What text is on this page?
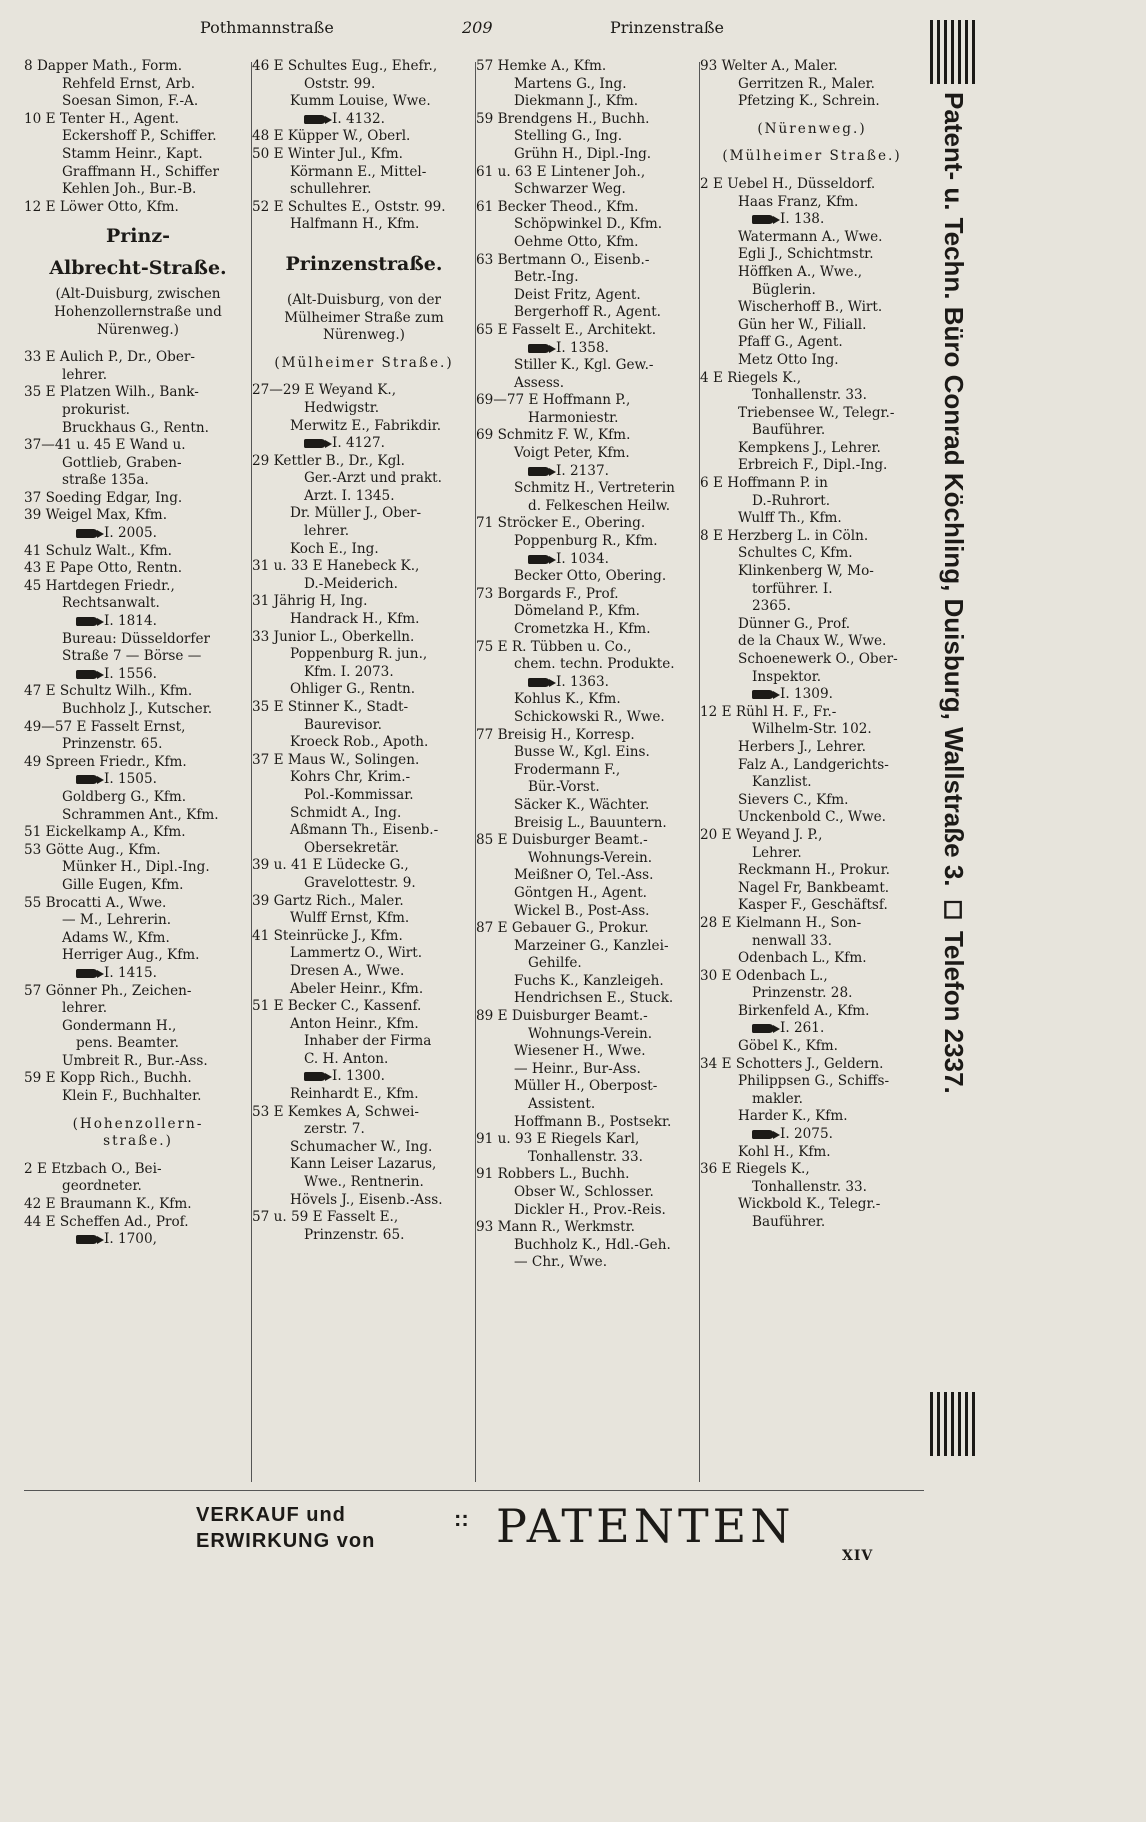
Pothmannstraße	209	Prinzenstraße
8 Dapper Math., Form.
Rehfeld Ernst, Arb.
Soesan Simon, F.-A.
10 E Tenter H., Agent.
Eckershoff P., Schiffer.
Stamm Heinr., Kapt.
Graffmann H., Schiffer
Kehlen Joh., Bur.-B.
12 E Löwer Otto, Kfm.
Prinz-
Albrecht-Straße.
(Alt-Duisburg, zwischen
Hohenzollernstraße und
Nürenweg.)
33 E Aulich P., Dr., Ober-
lehrer.
35 E Platzen Wilh., Bank-
prokurist.
Bruckhaus G., Rentn.
37—41 u. 45 E Wand u.
Gottlieb, Graben-
straße 135a.
37 Soeding Edgar, Ing.
39 Weigel Max, Kfm.
I. 2005.
41 Schulz Walt., Kfm.
43 E Pape Otto, Rentn.
45 Hartdegen Friedr.,
Rechtsanwalt.
I. 1814.
Bureau: Düsseldorfer
Straße 7 — Börse —
I. 1556.
47 E Schultz Wilh., Kfm.
Buchholz J., Kutscher.
49—57 E Fasselt Ernst,
Prinzenstr. 65.
49 Spreen Friedr., Kfm.
I. 1505.
Goldberg G., Kfm.
Schrammen Ant., Kfm.
51 Eickelkamp A., Kfm.
53 Götte Aug., Kfm.
Münker H., Dipl.-Ing.
Gille Eugen, Kfm.
55 Brocatti A., Wwe.
— M., Lehrerin.
Adams W., Kfm.
Herriger Aug., Kfm.
I. 1415.
57 Gönner Ph., Zeichen-
lehrer.
Gondermann H.,
pens. Beamter.
Umbreit R., Bur.-Ass.
59 E Kopp Rich., Buchh.
Klein F., Buchhalter.
(Hohenzollern-
straße.)
2 E Etzbach O., Bei-
geordneter.
42 E Braumann K., Kfm.
44 E Scheffen Ad., Prof.
I. 1700,
46 E Schultes Eug., Ehefr.,
Oststr. 99.
Kumm Louise, Wwe.
I. 4132.
48 E Küpper W., Oberl.
50 E Winter Jul., Kfm.
Körmann E., Mittel-
schullehrer.
52 E Schultes E., Oststr. 99.
Halfmann H., Kfm.
Prinzenstraße.
(Alt-Duisburg, von der
Mülheimer Straße zum
Nürenweg.)
(Mülheimer Straße.)
27—29 E Weyand K.,
Hedwigstr.
Merwitz E., Fabrikdir.
I. 4127.
29 Kettler B., Dr., Kgl.
Ger.-Arzt und prakt.
Arzt. I. 1345.
Dr. Müller J., Ober-
lehrer.
Koch E., Ing.
31 u. 33 E Hanebeck K.,
D.-Meiderich.
31 Jährig H, Ing.
Handrack H., Kfm.
33 Junior L., Oberkelln.
Poppenburg R. jun.,
Kfm. I. 2073.
Ohliger G., Rentn.
35 E Stinner K., Stadt-
Baurevisor.
Kroeck Rob., Apoth.
37 E Maus W., Solingen.
Kohrs Chr, Krim.-
Pol.-Kommissar.
Schmidt A., Ing.
Aßmann Th., Eisenb.-
Obersekretär.
39 u. 41 E Lüdecke G.,
Gravelottestr. 9.
39 Gartz Rich., Maler.
Wulff Ernst, Kfm.
41 Steinrücke J., Kfm.
Lammertz O., Wirt.
Dresen A., Wwe.
Abeler Heinr., Kfm.
51 E Becker C., Kassenf.
Anton Heinr., Kfm.
Inhaber der Firma
C. H. Anton.
I. 1300.
Reinhardt E., Kfm.
53 E Kemkes A, Schwei-
zerstr. 7.
Schumacher W., Ing.
Kann Leiser Lazarus,
Wwe., Rentnerin.
Hövels J., Eisenb.-Ass.
57 u. 59 E Fasselt E.,
Prinzenstr. 65.
57 Hemke A., Kfm.
Martens G., Ing.
Diekmann J., Kfm.
59 Brendgens H., Buchh.
Stelling G., Ing.
Grühn H., Dipl.-Ing.
61 u. 63 E Lintener Joh.,
Schwarzer Weg.
61 Becker Theod., Kfm.
Schöpwinkel D., Kfm.
Oehme Otto, Kfm.
63 Bertmann O., Eisenb.-
Betr.-Ing.
Deist Fritz, Agent.
Bergerhoff R., Agent.
65 E Fasselt E., Architekt.
I. 1358.
Stiller K., Kgl. Gew.-
Assess.
69—77 E Hoffmann P.,
Harmoniestr.
69 Schmitz F. W., Kfm.
Voigt Peter, Kfm.
I. 2137.
Schmitz H., Vertreterin
d. Felkeschen Heilw.
71 Ströcker E., Obering.
Poppenburg R., Kfm.
I. 1034.
Becker Otto, Obering.
73 Borgards F., Prof.
Dömeland P., Kfm.
Crometzka H., Kfm.
75 E R. Tübben u. Co.,
chem. techn. Produkte.
I. 1363.
Kohlus K., Kfm.
Schickowski R., Wwe.
77 Breisig H., Korresp.
Busse W., Kgl. Eins.
Frodermann F.,
Bür.-Vorst.
Säcker K., Wächter.
Breisig L., Bauuntern.
85 E Duisburger Beamt.-
Wohnungs-Verein.
Meißner O, Tel.-Ass.
Göntgen H., Agent.
Wickel B., Post-Ass.
87 E Gebauer G., Prokur.
Marzeiner G., Kanzlei-
Gehilfe.
Fuchs K., Kanzleigeh.
Hendrichsen E., Stuck.
89 E Duisburger Beamt.-
Wohnungs-Verein.
Wiesener H., Wwe.
— Heinr., Bur-Ass.
Müller H., Oberpost-
Assistent.
Hoffmann B., Postsekr.
91 u. 93 E Riegels Karl,
Tonhallenstr. 33.
91 Robbers L., Buchh.
Obser W., Schlosser.
Dickler H., Prov.-Reis.
93 Mann R., Werkmstr.
Buchholz K., Hdl.-Geh.
— Chr., Wwe.
93 Welter A., Maler.
Gerritzen R., Maler.
Pfetzing K., Schrein.
(Nürenweg.)
(Mülheimer Straße.)
2 E Uebel H., Düsseldorf.
Haas Franz, Kfm.
I. 138.
Watermann A., Wwe.
Egli J., Schichtmstr.
Höffken A., Wwe.,
Büglerin.
Wischerhoff B., Wirt.
Gün her W., Filiall.
Pfaff G., Agent.
Metz Otto Ing.
4 E Riegels K.,
Tonhallenstr. 33.
Triebensee W., Telegr.-
Bauführer.
Kempkens J., Lehrer.
Erbreich F., Dipl.-Ing.
6 E Hoffmann P. in
D.-Ruhrort.
Wulff Th., Kfm.
8 E Herzberg L. in Cöln.
Schultes C, Kfm.
Klinkenberg W, Mo-
torführer. I.
2365.
Dünner G., Prof.
de la Chaux W., Wwe.
Schoenewerk O., Ober-
Inspektor.
I. 1309.
12 E Rühl H. F., Fr.-
Wilhelm-Str. 102.
Herbers J., Lehrer.
Falz A., Landgerichts-
Kanzlist.
Sievers C., Kfm.
Unckenbold C., Wwe.
20 E Weyand J. P.,
Lehrer.
Reckmann H., Prokur.
Nagel Fr, Bankbeamt.
Kasper F., Geschäftsf.
28 E Kielmann H., Son-
nenwall 33.
Odenbach L., Kfm.
30 E Odenbach L.,
Prinzenstr. 28.
Birkenfeld A., Kfm.
I. 261.
Göbel K., Kfm.
34 E Schotters J., Geldern.
Philippsen G., Schiffs-
makler.
Harder K., Kfm.
I. 2075.
Kohl H., Kfm.
36 E Riegels K.,
Tonhallenstr. 33.
Wickbold K., Telegr.-
Bauführer.
Patent- u. Techn. Büro Conrad Köchling, Duisburg, Wallstraße 3. ◻ Telefon 2337.
VERKAUF und
ERWIRKUNG von
:: PATENTEN
XIV
